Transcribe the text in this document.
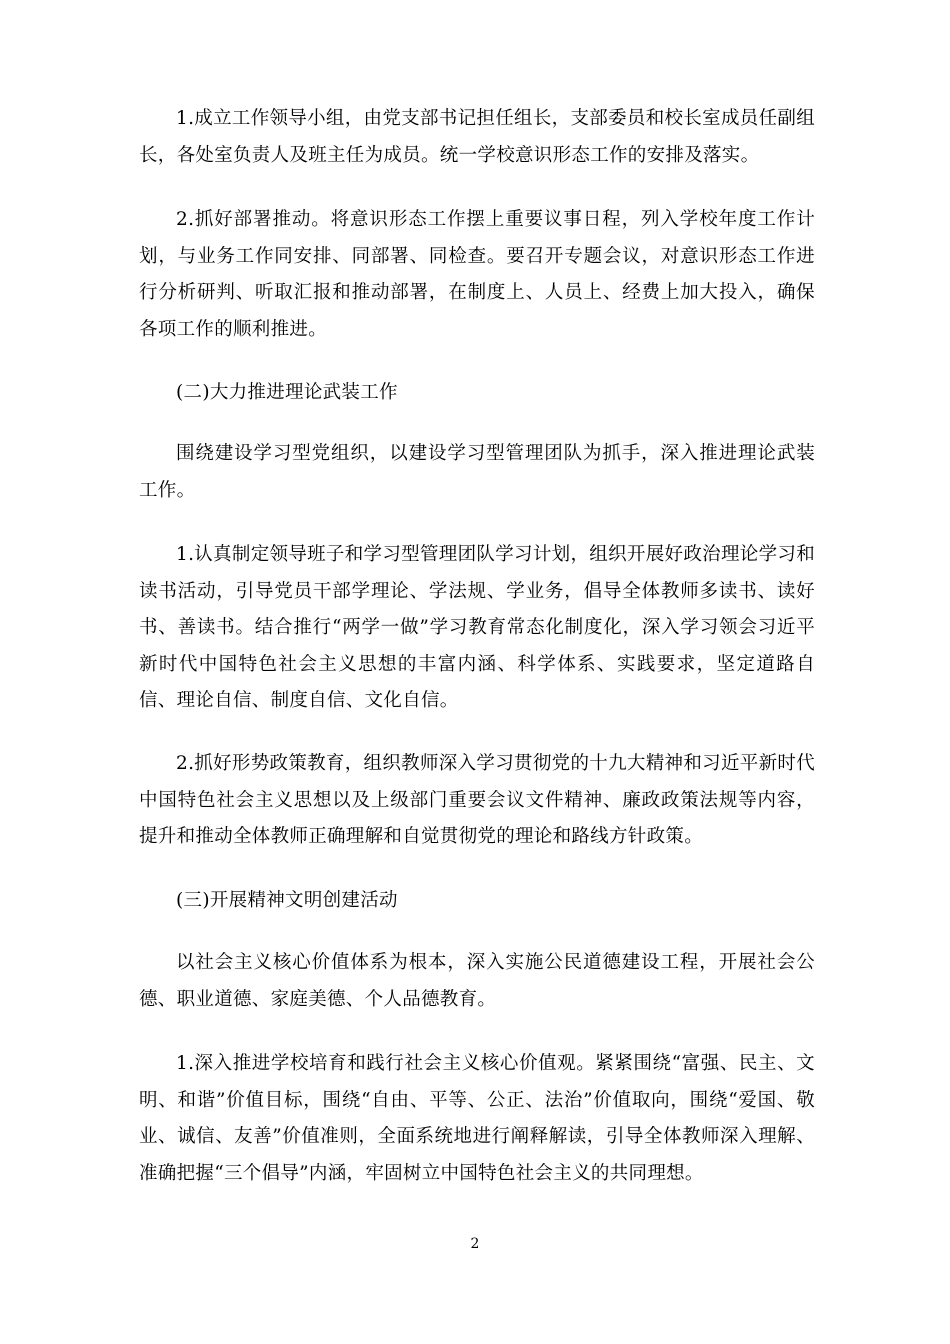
1.成立工作领导小组，由党支部书记担任组长，支部委员和校长室成员任副组长，各处室负责人及班主任为成员。统一学校意识形态工作的安排及落实。

2.抓好部署推动。将意识形态工作摆上重要议事日程，列入学校年度工作计划，与业务工作同安排、同部署、同检查。要召开专题会议，对意识形态工作进行分析研判、听取汇报和推动部署，在制度上、人员上、经费上加大投入，确保各项工作的顺利推进。

(二)大力推进理论武装工作

围绕建设学习型党组织，以建设学习型管理团队为抓手，深入推进理论武装工作。

1.认真制定领导班子和学习型管理团队学习计划，组织开展好政治理论学习和读书活动，引导党员干部学理论、学法规、学业务，倡导全体教师多读书、读好书、善读书。结合推行“两学一做”学习教育常态化制度化，深入学习领会习近平新时代中国特色社会主义思想的丰富内涵、科学体系、实践要求，坚定道路自信、理论自信、制度自信、文化自信。

2.抓好形势政策教育，组织教师深入学习贯彻党的十九大精神和习近平新时代中国特色社会主义思想以及上级部门重要会议文件精神、廉政政策法规等内容，提升和推动全体教师正确理解和自觉贯彻党的理论和路线方针政策。

(三)开展精神文明创建活动

以社会主义核心价值体系为根本，深入实施公民道德建设工程，开展社会公德、职业道德、家庭美德、个人品德教育。

1.深入推进学校培育和践行社会主义核心价值观。紧紧围绕“富强、民主、文明、和谐”价值目标，围绕“自由、平等、公正、法治”价值取向，围绕“爱国、敬业、诚信、友善”价值准则，全面系统地进行阐释解读，引导全体教师深入理解、准确把握“三个倡导”内涵，牢固树立中国特色社会主义的共同理想。

2
